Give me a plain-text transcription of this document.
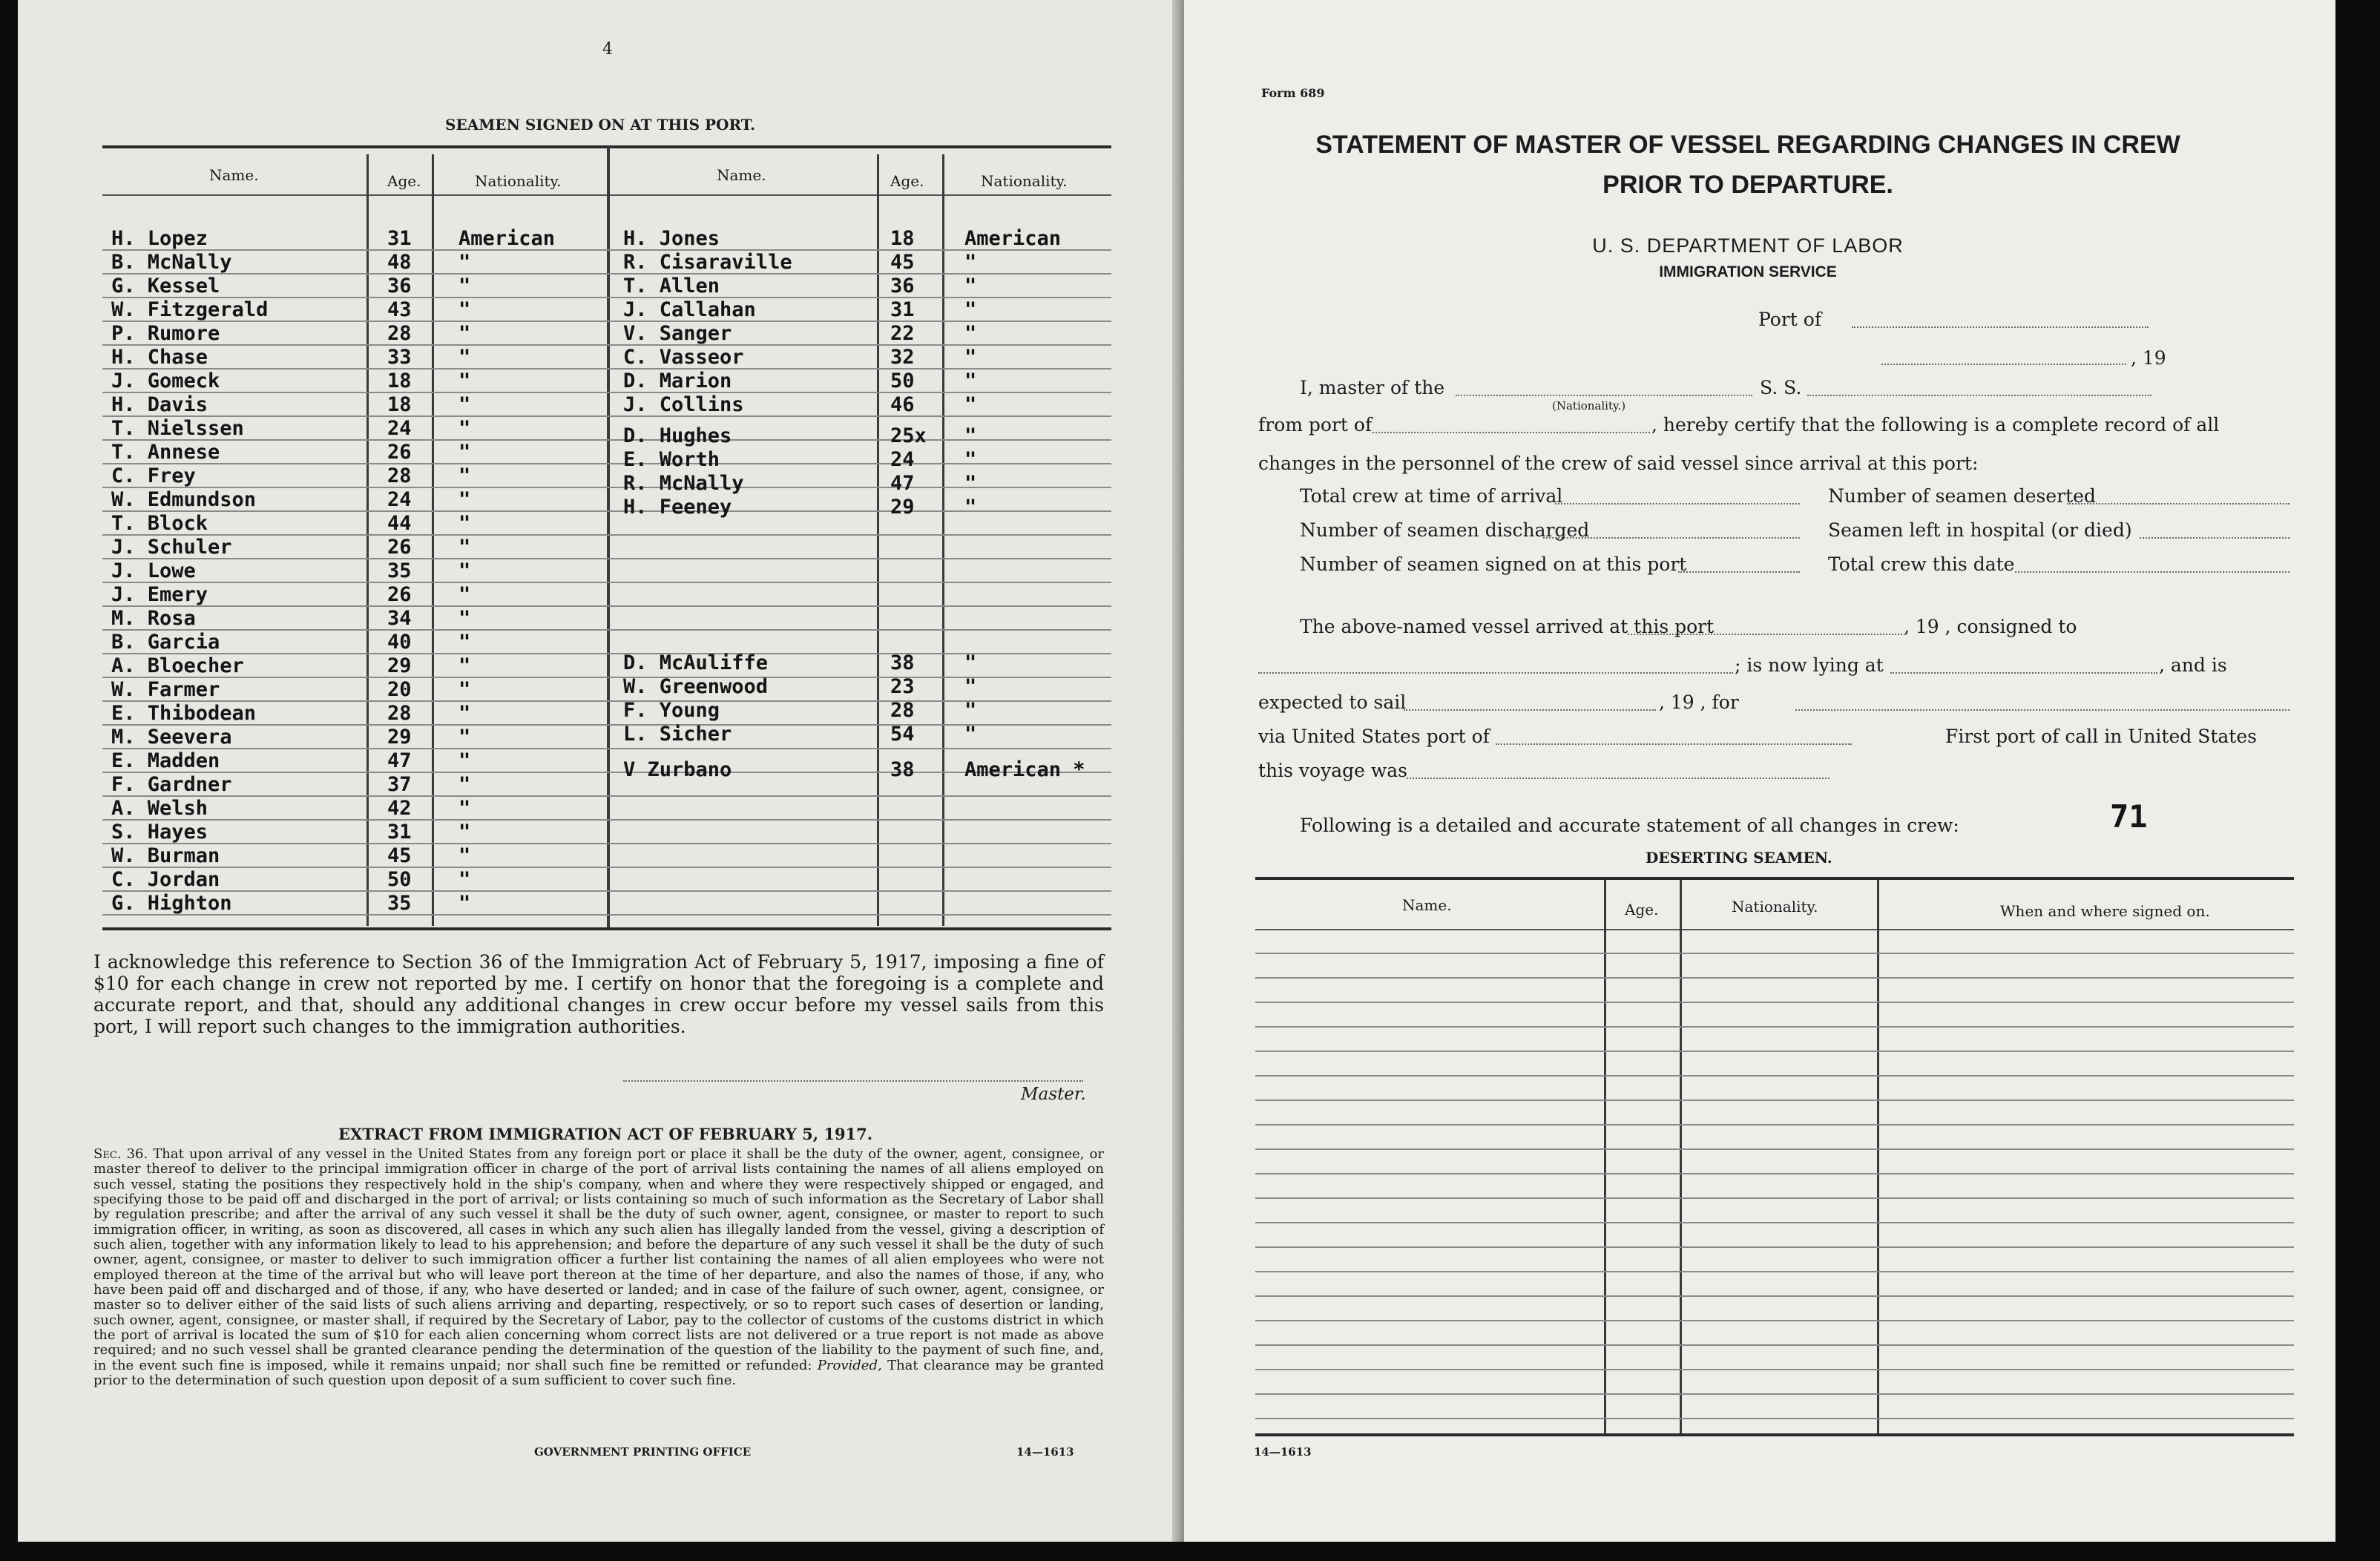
4
SEAMEN SIGNED ON AT THIS PORT.
Name.	Age.	Nationality.	Name.	Age.	Nationality.
H. Lopez	31 American
B. McNally	48 "
G. Kessel	36 "
W. Fitzgerald	43 "
P. Rumore	28 "
H. Chase	33 "
J. Gomeck	18 "
H. Davis	18 "
T. Nielssen	24 "
T. Annese	26 "
C. Frey	28 "
W. Edmundson	24 "
T. Block	44 "
J. Schuler	26 "
J. Lowe	35 "
J. Emery	26 "
M. Rosa	34 "
B. Garcia	40 "
A. Bloecher	29 "
W. Farmer	20 "
E. Thibodean	28 "
M. Seevera	29 "
E. Madden	47 "
F. Gardner	37 "
A. Welsh	42 "
S. Hayes	31 "
W. Burman	45 "
C. Jordan	50 "
G. Highton	35 "
H. Jones	18 American
R. Cisaraville	45 "
T. Allen	36 "
J. Callahan	31 "
V. Sanger	22 "
C. Vasseor	32 "
D. Marion	50 "
J. Collins	46 "
D. Hughes	25x "
E. Worth	24 "
R. McNally	47 "
H. Feeney	29 "
D. McAuliffe	38 "
W. Greenwood	23 "
F. Young	28 "
L. Sicher	54 "
V Zurbano	38 American *
I acknowledge this reference to Section 36 of the Immigration Act of February 5, 1917, imposing a fine of $10 for each change in crew not reported by me. I certify on honor that the foregoing is a complete and accurate report, and that, should any additional changes in crew occur before my vessel sails from this port, I will report such changes to the immigration authorities.
Master.
EXTRACT FROM IMMIGRATION ACT OF FEBRUARY 5, 1917.
Sec. 36. That upon arrival of any vessel in the United States from any foreign port or place it shall be the duty of the owner, agent, consignee, or master thereof to deliver to the principal immigration officer in charge of the port of arrival lists containing the names of all aliens employed on such vessel, stating the positions they respectively hold in the ship's company, when and where they were respectively shipped or engaged, and specifying those to be paid off and discharged in the port of arrival; or lists containing so much of such information as the Secretary of Labor shall by regulation prescribe; and after the arrival of any such vessel it shall be the duty of such owner, agent, consignee, or master to report to such immigration officer, in writing, as soon as discovered, all cases in which any such alien has illegally landed from the vessel, giving a description of such alien, together with any information likely to lead to his apprehension; and before the departure of any such vessel it shall be the duty of such owner, agent, consignee, or master to deliver to such immigration officer a further list containing the names of all alien employees who were not employed thereon at the time of the arrival but who will leave port thereon at the time of her departure, and also the names of those, if any, who have been paid off and discharged and of those, if any, who have deserted or landed; and in case of the failure of such owner, agent, consignee, or master so to deliver either of the said lists of such aliens arriving and departing, respectively, or so to report such cases of desertion or landing, such owner, agent, consignee, or master shall, if required by the Secretary of Labor, pay to the collector of customs of the customs district in which the port of arrival is located the sum of $10 for each alien concerning whom correct lists are not delivered or a true report is not made as above required; and no such vessel shall be granted clearance pending the determination of the question of the liability to the payment of such fine, and, in the event such fine is imposed, while it remains unpaid; nor shall such fine be remitted or refunded: Provided, That clearance may be granted prior to the determination of such question upon deposit of a sum sufficient to cover such fine.
GOVERNMENT PRINTING OFFICE	14—1613
Form 689
STATEMENT OF MASTER OF VESSEL REGARDING CHANGES IN CREW
PRIOR TO DEPARTURE.
U. S. DEPARTMENT OF LABOR
IMMIGRATION SERVICE
Port of
, 19
I, master of the	S. S.
(Nationality.)
from port of	, hereby certify that the following is a complete record of all
changes in the personnel of the crew of said vessel since arrival at this port:
Total crew at time of arrival	Number of seamen deserted
Number of seamen discharged	Seamen left in hospital (or died)
Number of seamen signed on at this port	Total crew this date
The above-named vessel arrived at this port	, 19 , consigned to
; is now lying at	, and is
expected to sail	, 19 , for
via United States port of	First port of call in United States
this voyage was
Following is a detailed and accurate statement of all changes in crew:	71
DESERTING SEAMEN.
Name.	Age.	Nationality.	When and where signed on.
14—1613
